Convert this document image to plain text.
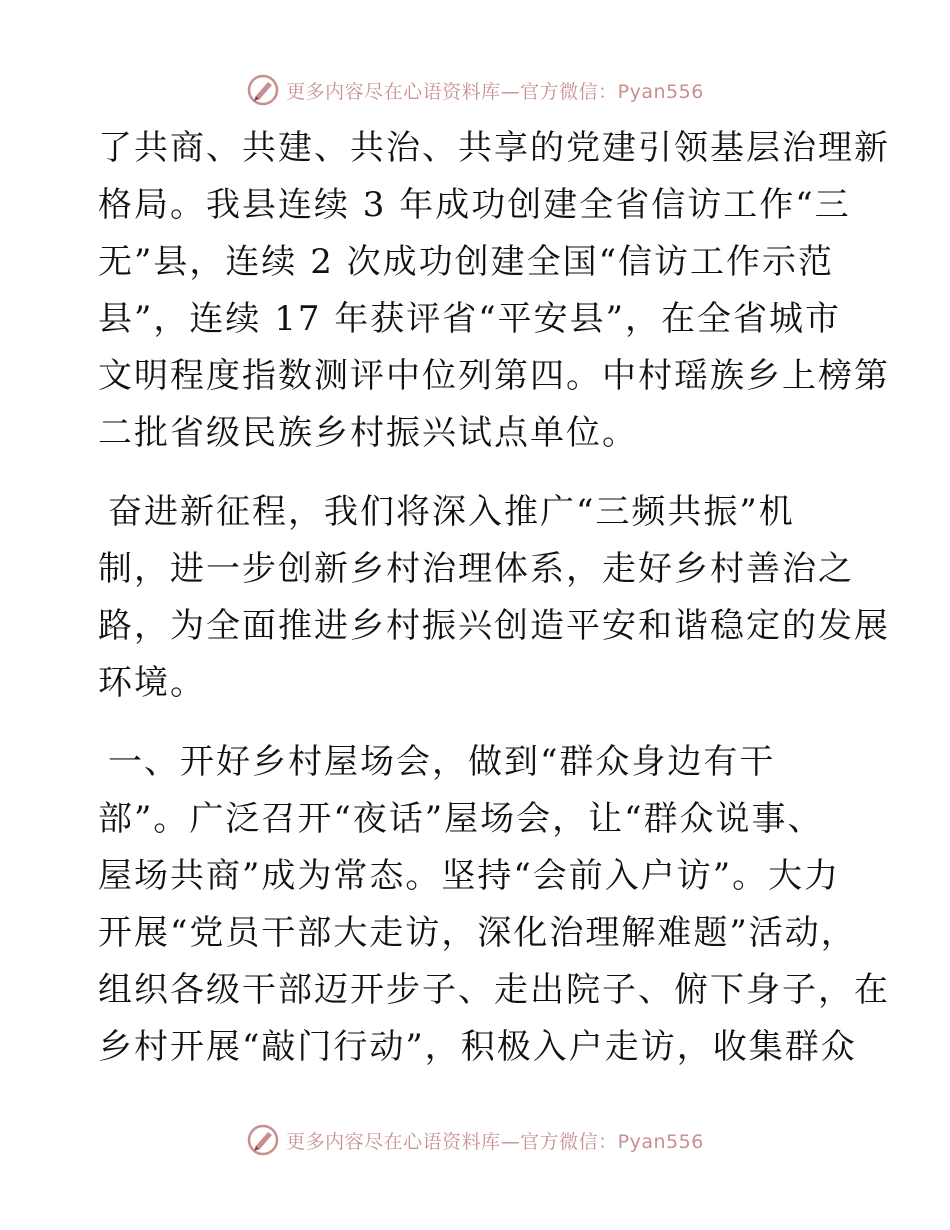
更多内容尽在心语资料库—官方微信：Pyan556
了共商、共建、共治、共享的党建引领基层治理新
格局。我县连续 3 年成功创建全省信访工作“三
无”县，连续 2 次成功创建全国“信访工作示范
县”，连续 17 年获评省“平安县”，在全省城市
文明程度指数测评中位列第四。中村瑶族乡上榜第
二批省级民族乡村振兴试点单位。
奋进新征程，我们将深入推广“三频共振”机
制，进一步创新乡村治理体系，走好乡村善治之
路，为全面推进乡村振兴创造平安和谐稳定的发展
环境。
一、开好乡村屋场会，做到“群众身边有干
部”。广泛召开“夜话”屋场会，让“群众说事、
屋场共商”成为常态。坚持“会前入户访”。大力
开展“党员干部大走访，深化治理解难题”活动，
组织各级干部迈开步子、走出院子、俯下身子，在
乡村开展“敲门行动”，积极入户走访，收集群众
更多内容尽在心语资料库—官方微信：Pyan556
